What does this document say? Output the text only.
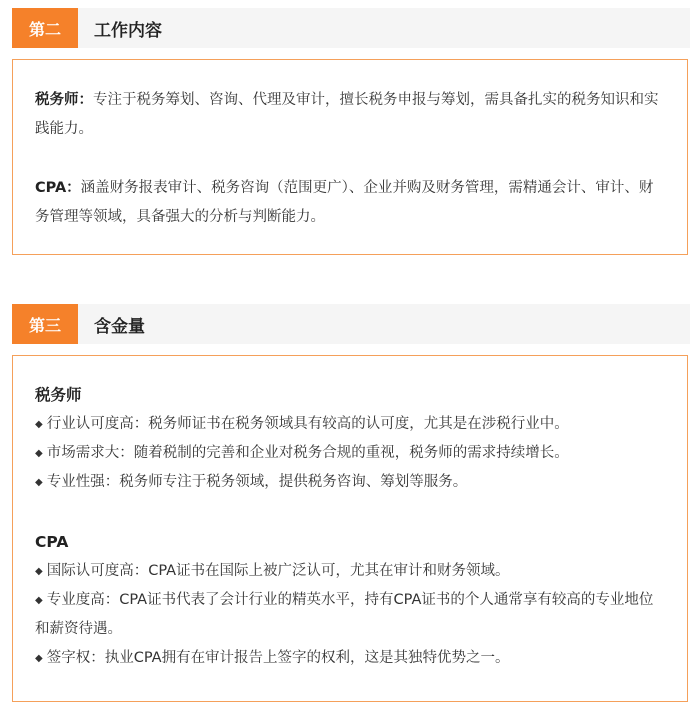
第二	工作内容

税务师：专注于税务筹划、咨询、代理及审计，擅长税务申报与筹划，需具备扎实的税务知识和实践能力。

CPA：涵盖财务报表审计、税务咨询（范围更广）、企业并购及财务管理，需精通会计、审计、财务管理等领域，具备强大的分析与判断能力。

第三	含金量

税务师

◆ 行业认可度高：税务师证书在税务领域具有较高的认可度，尤其是在涉税行业中。

◆ 市场需求大：随着税制的完善和企业对税务合规的重视，税务师的需求持续增长。

◆ 专业性强：税务师专注于税务领域，提供税务咨询、筹划等服务。

CPA

◆ 国际认可度高：CPA证书在国际上被广泛认可，尤其在审计和财务领域。

◆ 专业度高：CPA证书代表了会计行业的精英水平，持有CPA证书的个人通常享有较高的专业地位和薪资待遇。

◆ 签字权：执业CPA拥有在审计报告上签字的权利，这是其独特优势之一。
